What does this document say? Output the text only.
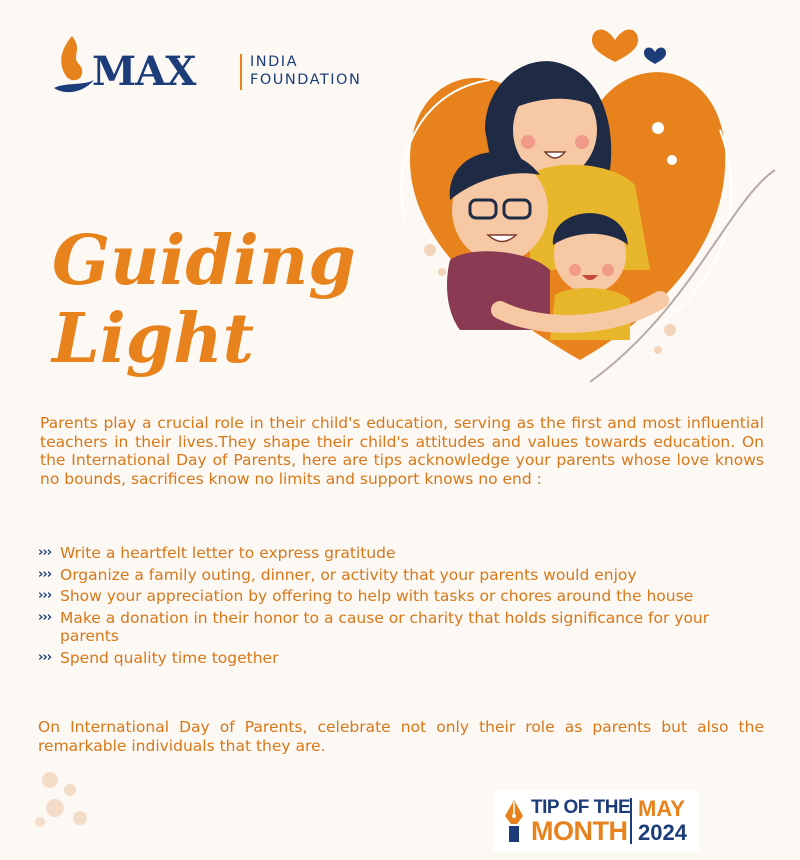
MAX	INDIA
FOUNDATION
Guiding
Light

Parents play a crucial role in their child's education, serving as the first and most influential teachers in their lives.They shape their child's attitudes and values towards education. On the International Day of Parents, here are tips acknowledge your parents whose love knows no bounds, sacrifices know no limits and support knows no end :

››› Write a heartfelt letter to express gratitude
››› Organize a family outing, dinner, or activity that your parents would enjoy
››› Show your appreciation by offering to help with tasks or chores around the house
››› Make a donation in their honor to a cause or charity that holds significance for your parents
››› Spend quality time together

On International Day of Parents, celebrate not only their role as parents but also the remarkable individuals that they are.

TIP OF THE
MONTH
MAY
2024
